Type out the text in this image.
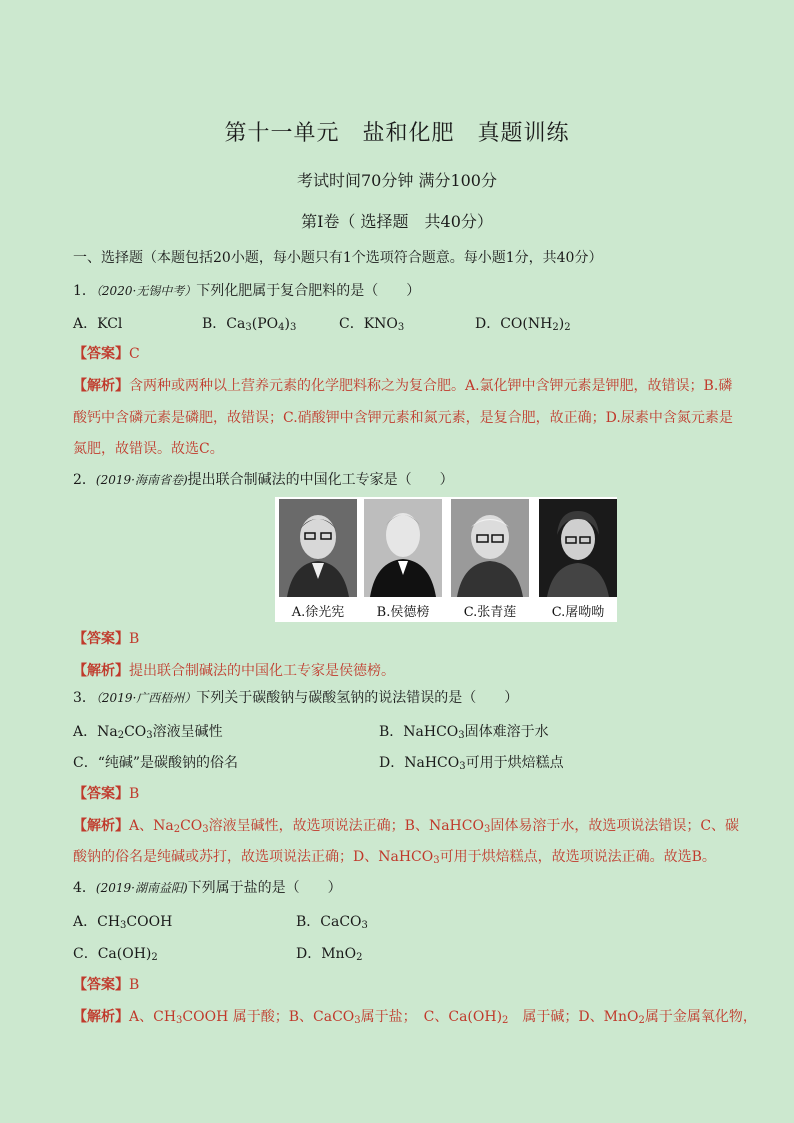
第十一单元　盐和化肥　真题训练
考试时间70分钟 满分100分
第Ⅰ卷（ 选择题　共40分）
一、选择题（本题包括20小题，每小题只有1个选项符合题意。每小题1分，共40分）
1．（2020·无锡中考）下列化肥属于复合肥料的是（　　）
A．KCl	B．$Ca_3(PO_4)_3$	C．$KNO_3$	D．$CO(NH_2)_2$
【答案】C
【解析】含两种或两种以上营养元素的化学肥料称之为复合肥。A.氯化钾中含钾元素是钾肥，故错误；B.磷
酸钙中含磷元素是磷肥，故错误；C.硝酸钾中含钾元素和氮元素，是复合肥，故正确；D.尿素中含氮元素是
氮肥，故错误。故选C。
2．(2019·海南省卷)提出联合制碱法的中国化工专家是（　　）
A.徐光宪	B.侯德榜	C.张青莲	C.屠呦呦
【答案】B
【解析】提出联合制碱法的中国化工专家是侯德榜。
3．（2019·广西梧州）下列关于碳酸钠与碳酸氢钠的说法错误的是（　　）
A．$Na_2CO_3$溶液呈碱性	B．NaHCO$_3$固体难溶于水
C．“纯碱”是碳酸钠的俗名	D．NaHCO$_3$可用于烘焙糕点
【答案】B
【解析】A、$Na_2CO_3$溶液呈碱性，故选项说法正确；B、NaHCO$_3$固体易溶于水，故选项说法错误；C、碳
酸钠的俗名是纯碱或苏打，故选项说法正确；D、NaHCO$_3$可用于烘焙糕点，故选项说法正确。故选B。
4．(2019·湖南益阳)下列属于盐的是（　　）
A．$CH_3COOH$	B．CaCO$_3$
C．$Ca(OH)_2$	D．MnO$_2$
【答案】B
【解析】A、$CH_3COOH$ 属于酸；B、CaCO$_3$属于盐；　C、$Ca(OH)_2$　属于碱；D、MnO$_2$属于金属氧化物，
